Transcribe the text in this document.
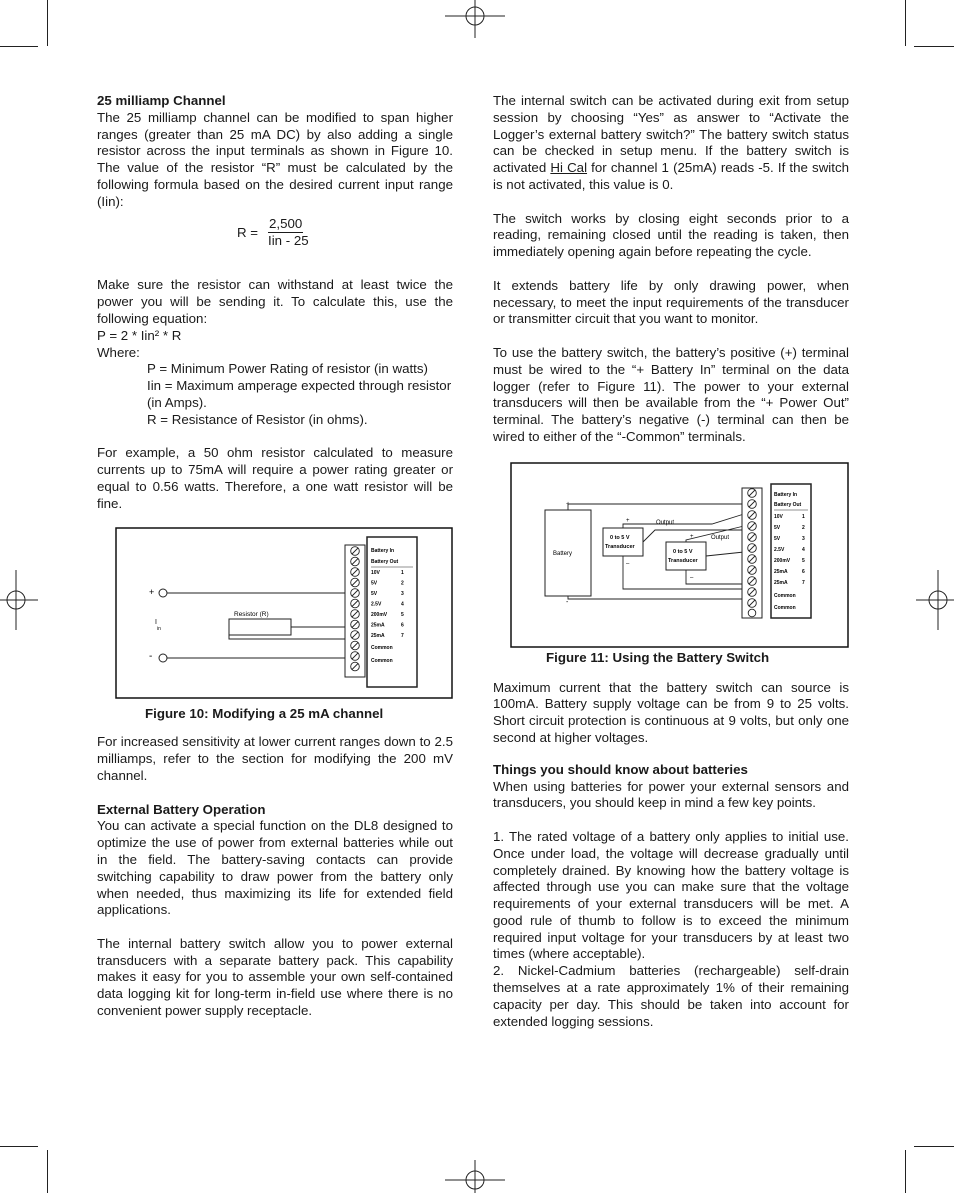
25 milliamp Channel

The 25 milliamp channel can be modified to span higher ranges (greater than 25 mA DC) by also adding a single resistor across the input terminals as shown in Figure 10. The value of the resistor “R” must be calculated by the following formula based on the desired current input range (Iin):

R =
2,500
Iin - 25

Make sure the resistor can withstand at least twice the power you will be sending it. To calculate this, use the following equation:

P = 2 * Iin² * R

Where:

P = Minimum Power Rating of resistor (in watts)

Iin = Maximum amperage expected through resistor (in Amps).

R = Resistance of Resistor (in ohms).

For example, a 50 ohm resistor calculated to measure currents up to 75mA will require a power rating greater or equal to 0.56 watts. Therefore, a one watt resistor will be fine.

+
-
I
in
Resistor (R)
Battery In
Battery Out
10V
5V
5V
2.5V
200mV
25mA
25mA
Common
Common
1
2
3
4
5
6
7

Figure 10: Modifying a 25 mA channel

For increased sensitivity at lower current ranges down to 2.5 milliamps, refer to the section for modifying the 200 mV channel.

External Battery Operation

You can activate a special function on the DL8 designed to optimize the use of power from external batteries while out in the field. The battery-saving contacts can provide switching capability to draw power from the battery only when needed, thus maximizing its life for extended field applications.

The internal battery switch allow you to power external transducers with a separate battery pack. This capability makes it easy for you to assemble your own self-contained data logging kit for long-term in-field use where there is no convenient power supply receptacle.

The internal switch can be activated during exit from setup session by choosing “Yes” as answer to “Activate the Logger’s external battery switch?” The battery switch status can be checked in setup menu. If the battery switch is activated Hi Cal for channel 1 (25mA) reads -5. If the switch is not activated, this value is 0.

The switch works by closing eight seconds prior to a reading, remaining closed until the reading is taken, then immediately opening again before repeating the cycle.

It extends battery life by only drawing power, when necessary, to meet the input requirements of the transducer or transmitter circuit that you want to monitor.

To use the battery switch, the battery’s positive (+) terminal must be wired to the “+ Battery In” terminal on the data logger (refer to Figure 11). The power to your external transducers will then be available from the “+ Power Out” terminal. The battery’s negative (-) terminal can then be wired to either of the “-Common” terminals.

Battery
+
-
0 to 5 V
Transducer
0 to 5 V
Transducer
Output
Output
+
+
–
–
Battery In
Battery Out
10V
5V
5V
2.5V
200mV
25mA
25mA
Common
Common
1
2
3
4
5
6
7

Figure 11: Using the Battery Switch

Maximum current that the battery switch can source is 100mA. Battery supply voltage can be from 9 to 25 volts. Short circuit protection is continuous at 9 volts, but only one second at higher voltages.

Things you should know about batteries

When using batteries for power your external sensors and transducers, you should keep in mind a few key points.

1. The rated voltage of a battery only applies to initial use. Once under load, the voltage will decrease gradually until completely drained. By knowing how the battery voltage is affected through use you can make sure that the voltage requirements of your external transducers will be met. A good rule of thumb to follow is to exceed the minimum required input voltage for your transducers by at least two times (where acceptable).

2. Nickel-Cadmium batteries (rechargeable) self-drain themselves at a rate approximately 1% of their remaining capacity per day. This should be taken into account for extended logging sessions.
